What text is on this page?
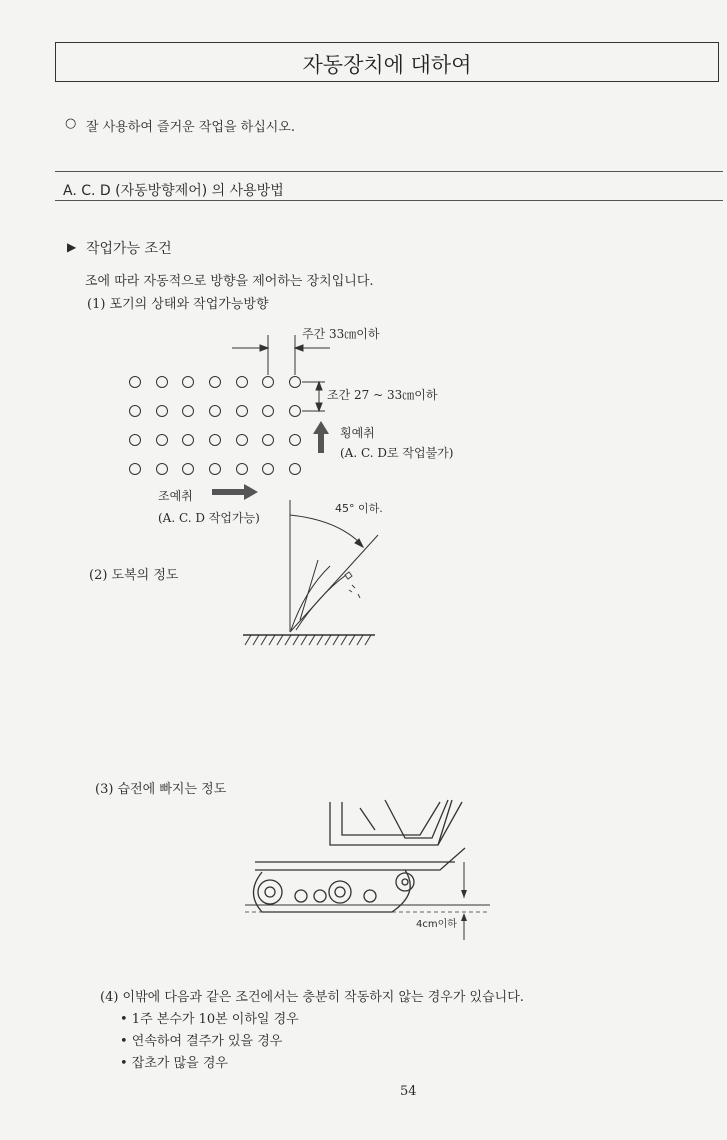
자동장치에 대하여
○ 잘 사용하여 즐거운 작업을 하십시오.
A. C. D (자동방향제어) 의 사용방법
▶ 작업가능 조건
조에 따라 자동적으로 방향을 제어하는 장치입니다.
(1) 포기의 상태와 작업가능방향
주간 33㎝이하
조간 27 ~ 33㎝이하
횡예취
(A. C. D로 작업불가)
조예취
(A. C. D 작업가능)
(2) 도복의 정도
45° 이하.
(3) 습전에 빠지는 정도
4cm이하
(4) 이밖에 다음과 같은 조건에서는 충분히 작동하지 않는 경우가 있습니다.
• 1주 본수가 10본 이하일 경우
• 연속하여 결주가 있을 경우
• 잡초가 많을 경우
54
